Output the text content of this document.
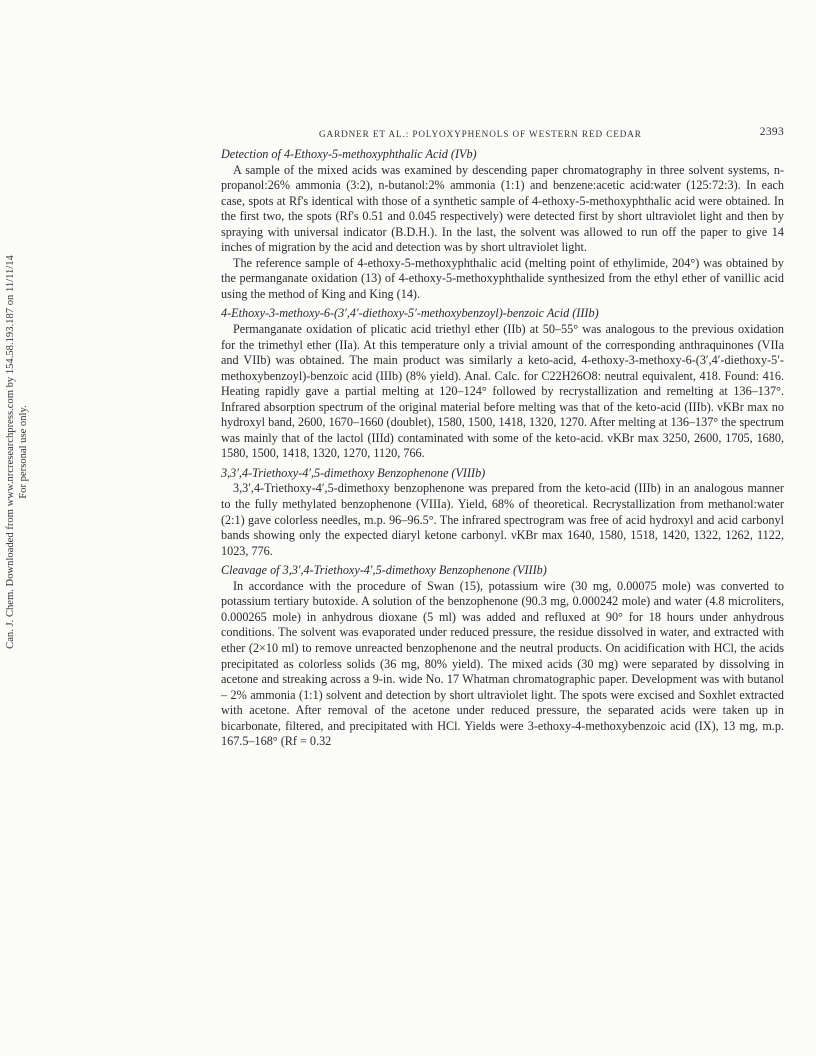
Can. J. Chem. Downloaded from www.nrcresearchpress.com by 154.58.193.187 on 11/11/14 For personal use only.
GARDNER ET AL.: POLYOXYPHENOLS OF WESTERN RED CEDAR	2393
Detection of 4-Ethoxy-5-methoxyphthalic Acid (IVb)

A sample of the mixed acids was examined by descending paper chromatography in three solvent systems, n-propanol:26% ammonia (3:2), n-butanol:2% ammonia (1:1) and benzene:acetic acid:water (125:72:3). In each case, spots at Rf's identical with those of a synthetic sample of 4-ethoxy-5-methoxyphthalic acid were obtained. In the first two, the spots (Rf's 0.51 and 0.045 respectively) were detected first by short ultraviolet light and then by spraying with universal indicator (B.D.H.). In the last, the solvent was allowed to run off the paper to give 14 inches of migration by the acid and detection was by short ultraviolet light.

The reference sample of 4-ethoxy-5-methoxyphthalic acid (melting point of ethylimide, 204°) was obtained by the permanganate oxidation (13) of 4-ethoxy-5-methoxyphthalide synthesized from the ethyl ether of vanillic acid using the method of King and King (14).

4-Ethoxy-3-methoxy-6-(3′,4′-diethoxy-5′-methoxybenzoyl)-benzoic Acid (IIIb)

Permanganate oxidation of plicatic acid triethyl ether (IIb) at 50–55° was analogous to the previous oxidation for the trimethyl ether (IIa). At this temperature only a trivial amount of the corresponding anthraquinones (VIIa and VIIb) was obtained. The main product was similarly a keto-acid, 4-ethoxy-3-methoxy-6-(3′,4′-diethoxy-5′-methoxybenzoyl)-benzoic acid (IIIb) (8% yield). Anal. Calc. for C22H26O8: neutral equivalent, 418. Found: 416. Heating rapidly gave a partial melting at 120–124° followed by recrystallization and remelting at 136–137°. Infrared absorption spectrum of the original material before melting was that of the keto-acid (IIIb). νKBr max no hydroxyl band, 2600, 1670–1660 (doublet), 1580, 1500, 1418, 1320, 1270. After melting at 136–137° the spectrum was mainly that of the lactol (IIId) contaminated with some of the keto-acid. νKBr max 3250, 2600, 1705, 1680, 1580, 1500, 1418, 1320, 1270, 1120, 766.

3,3′,4-Triethoxy-4′,5-dimethoxy Benzophenone (VIIIb)

3,3′,4-Triethoxy-4′,5-dimethoxy benzophenone was prepared from the keto-acid (IIIb) in an analogous manner to the fully methylated benzophenone (VIIIa). Yield, 68% of theoretical. Recrystallization from methanol:water (2:1) gave colorless needles, m.p. 96–96.5°. The infrared spectrogram was free of acid hydroxyl and acid carbonyl bands showing only the expected diaryl ketone carbonyl. νKBr max 1640, 1580, 1518, 1420, 1322, 1262, 1122, 1023, 776.

Cleavage of 3,3′,4-Triethoxy-4′,5-dimethoxy Benzophenone (VIIIb)

In accordance with the procedure of Swan (15), potassium wire (30 mg, 0.00075 mole) was converted to potassium tertiary butoxide. A solution of the benzophenone (90.3 mg, 0.000242 mole) and water (4.8 microliters, 0.000265 mole) in anhydrous dioxane (5 ml) was added and refluxed at 90° for 18 hours under anhydrous conditions. The solvent was evaporated under reduced pressure, the residue dissolved in water, and extracted with ether (2×10 ml) to remove unreacted benzophenone and the neutral products. On acidification with HCl, the acids precipitated as colorless solids (36 mg, 80% yield). The mixed acids (30 mg) were separated by dissolving in acetone and streaking across a 9-in. wide No. 17 Whatman chromatographic paper. Development was with butanol – 2% ammonia (1:1) solvent and detection by short ultraviolet light. The spots were excised and Soxhlet extracted with acetone. After removal of the acetone under reduced pressure, the separated acids were taken up in bicarbonate, filtered, and precipitated with HCl. Yields were 3-ethoxy-4-methoxybenzoic acid (IX), 13 mg, m.p. 167.5–168° (Rf = 0.32
